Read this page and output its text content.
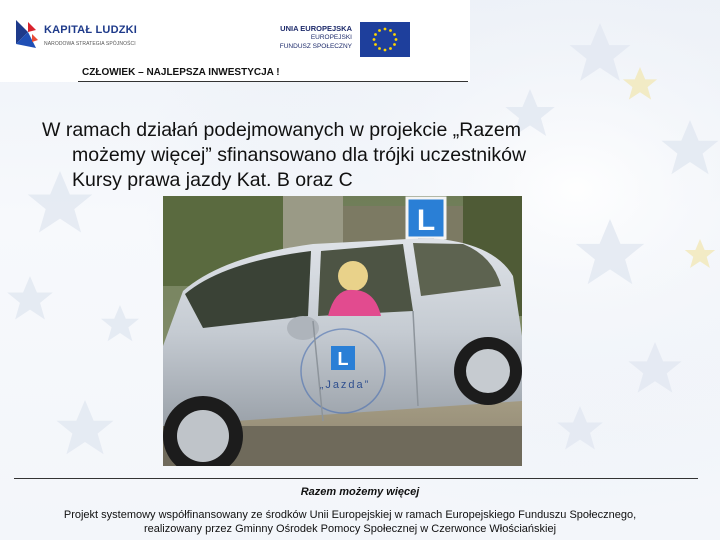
KAPITAŁ LUDZKI
NARODOWA STRATEGIA SPÓJNOŚCI
UNIA EUROPEJSKA
EUROPEJSKI
FUNDUSZ SPOŁECZNY
CZŁOWIEK – NAJLEPSZA INWESTYCJA !
W ramach działań podejmowanych w projekcie „Razem
możemy więcej” sfinansowano dla trójki uczestników
Kursy prawa jazdy Kat. B oraz C
L
L
„Jazda”
Razem możemy więcej
Projekt systemowy współfinansowany ze środków Unii Europejskiej w ramach Europejskiego Funduszu Społecznego,
realizowany przez Gminny Ośrodek Pomocy Społecznej w Czerwonce Włościańskiej
